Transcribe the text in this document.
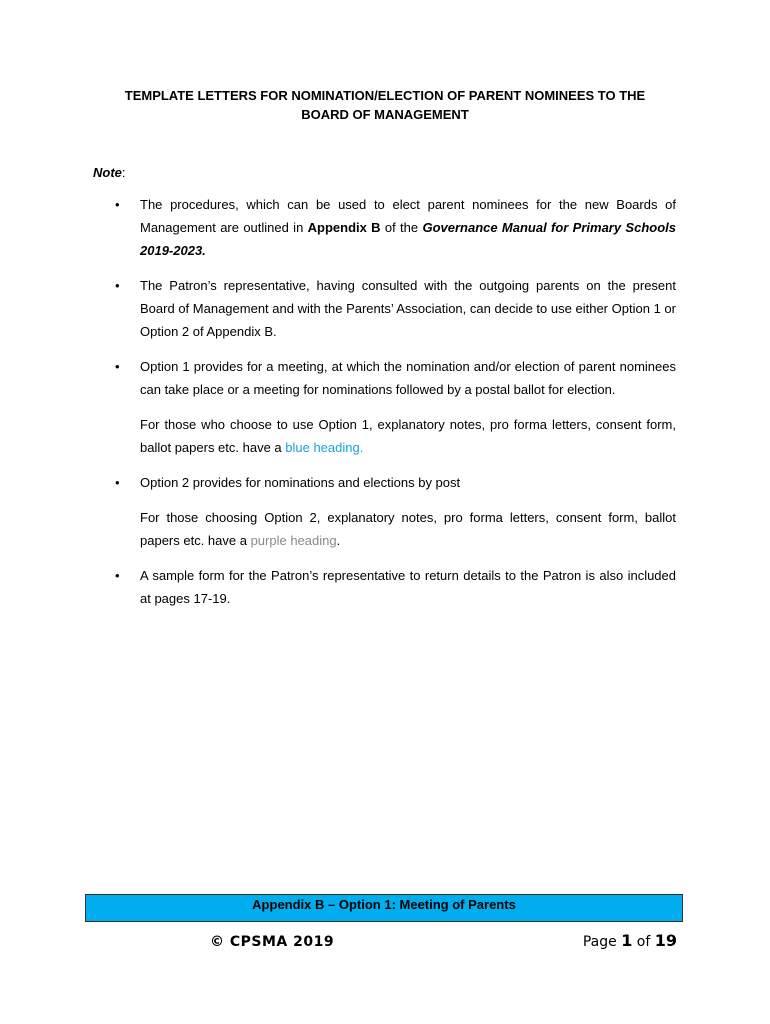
TEMPLATE LETTERS FOR NOMINATION/ELECTION OF PARENT NOMINEES TO THE
BOARD OF MANAGEMENT
Note:
• The procedures, which can be used to elect parent nominees for the new Boards of Management are outlined in Appendix B of the Governance Manual for Primary Schools 2019-2023.

• The Patron’s representative, having consulted with the outgoing parents on the present Board of Management and with the Parents’ Association, can decide to use either Option 1 or Option 2 of Appendix B.

• Option 1 provides for a meeting, at which the nomination and/or election of parent nominees can take place or a meeting for nominations followed by a postal ballot for election.

For those who choose to use Option 1, explanatory notes, pro forma letters, consent form, ballot papers etc. have a blue heading.

• Option 2 provides for nominations and elections by post

For those choosing Option 2, explanatory notes, pro forma letters, consent form, ballot papers etc. have a purple heading.

• A sample form for the Patron’s representative to return details to the Patron is also included at pages 17-19.

Appendix B – Option 1: Meeting of Parents
© CPSMA 2019	Page 1 of 19
